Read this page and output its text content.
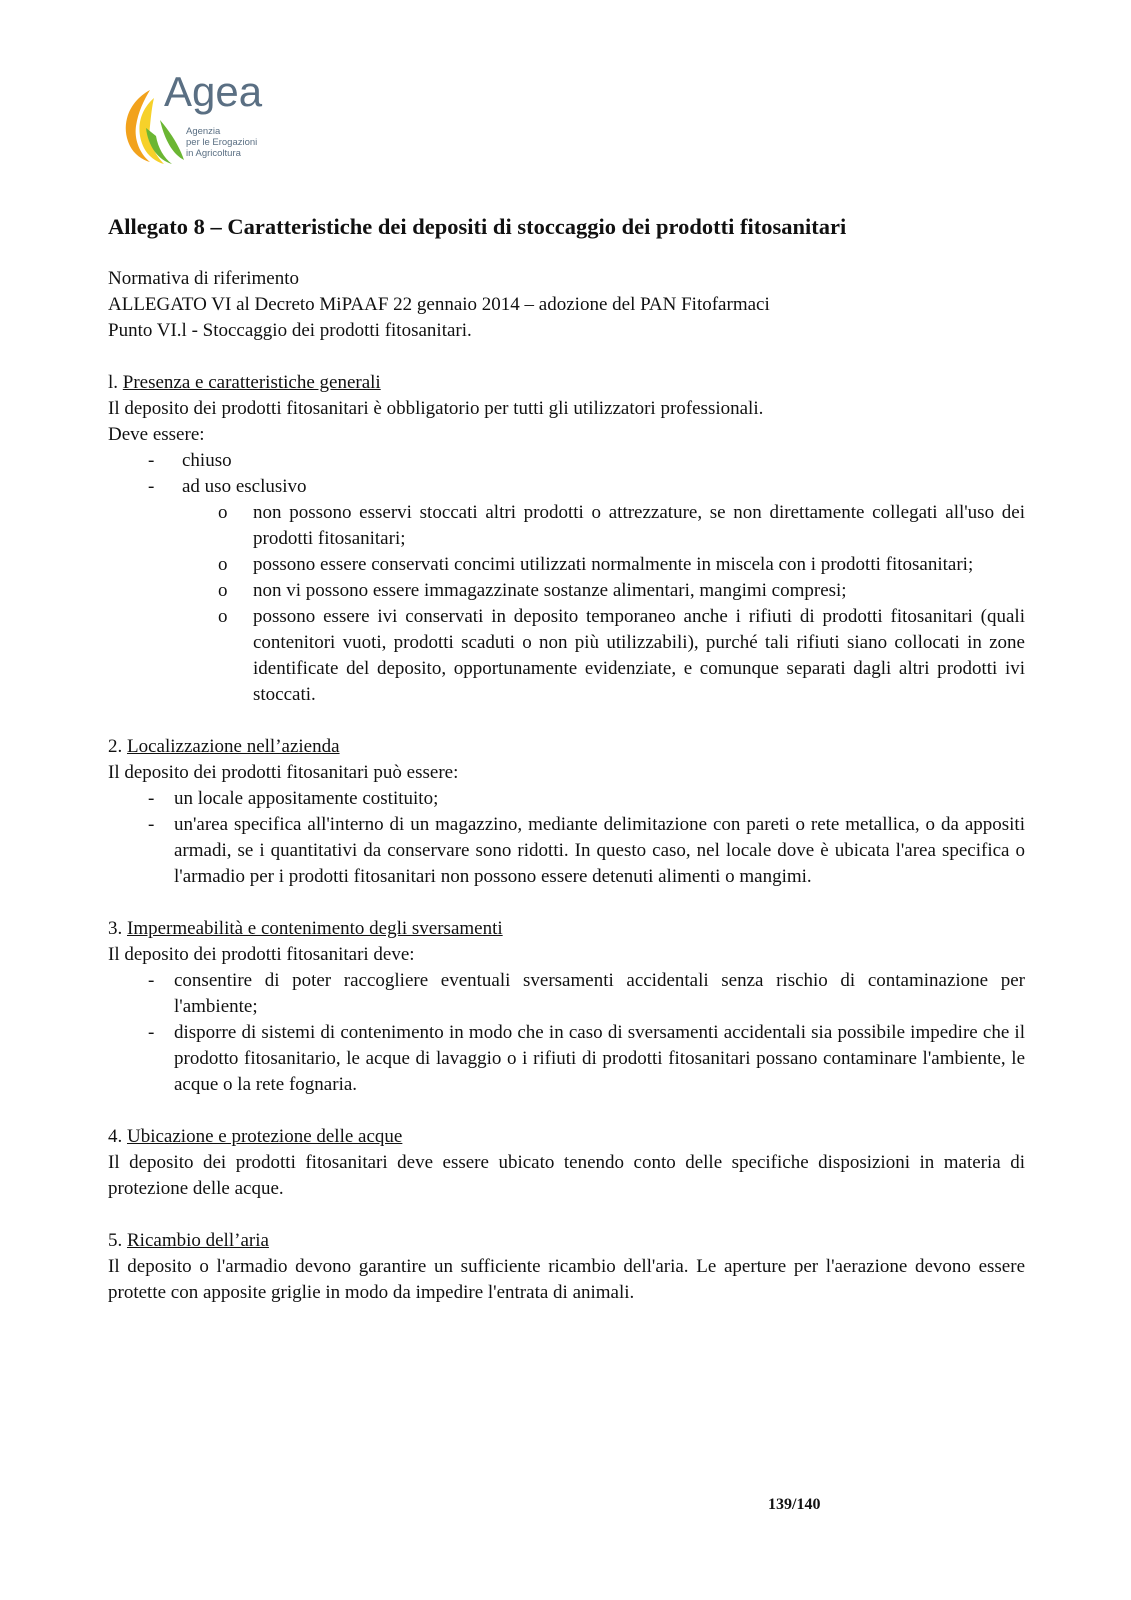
Agea
Agenzia
per le Erogazioni
in Agricoltura
Allegato 8 – Caratteristiche dei depositi di stoccaggio dei prodotti fitosanitari

Normativa di riferimento

ALLEGATO VI al Decreto MiPAAF 22 gennaio 2014 – adozione del PAN Fitofarmaci

Punto VI.l - Stoccaggio dei prodotti fitosanitari.

l. Presenza e caratteristiche generali

Il deposito dei prodotti fitosanitari è obbligatorio per tutti gli utilizzatori professionali.

Deve essere:

- chiuso
- ad uso esclusivo
o non possono esservi stoccati altri prodotti o attrezzature, se non direttamente collegati all'uso dei prodotti fitosanitari;
o possono essere conservati concimi utilizzati normalmente in miscela con i prodotti fitosanitari;
o non vi possono essere immagazzinate sostanze alimentari, mangimi compresi;
o possono essere ivi conservati in deposito temporaneo anche i rifiuti di prodotti fitosanitari (quali contenitori vuoti, prodotti scaduti o non più utilizzabili), purché tali rifiuti siano collocati in zone identificate del deposito, opportunamente evidenziate, e comunque separati dagli altri prodotti ivi stoccati.

2. Localizzazione nell’azienda

Il deposito dei prodotti fitosanitari può essere:

- un locale appositamente costituito;
- un'area specifica all'interno di un magazzino, mediante delimitazione con pareti o rete metallica, o da appositi armadi, se i quantitativi da conservare sono ridotti. In questo caso, nel locale dove è ubicata l'area specifica o l'armadio per i prodotti fitosanitari non possono essere detenuti alimenti o mangimi.

3. Impermeabilità e contenimento degli sversamenti

Il deposito dei prodotti fitosanitari deve:

- consentire di poter raccogliere eventuali sversamenti accidentali senza rischio di contaminazione per l'ambiente;
- disporre di sistemi di contenimento in modo che in caso di sversamenti accidentali sia possibile impedire che il prodotto fitosanitario, le acque di lavaggio o i rifiuti di prodotti fitosanitari possano contaminare l'ambiente, le acque o la rete fognaria.

4. Ubicazione e protezione delle acque

Il deposito dei prodotti fitosanitari deve essere ubicato tenendo conto delle specifiche disposizioni in materia di protezione delle acque.

5. Ricambio dell’aria

Il deposito o l'armadio devono garantire un sufficiente ricambio dell'aria. Le aperture per l'aerazione devono essere protette con apposite griglie in modo da impedire l'entrata di animali.

139/140
